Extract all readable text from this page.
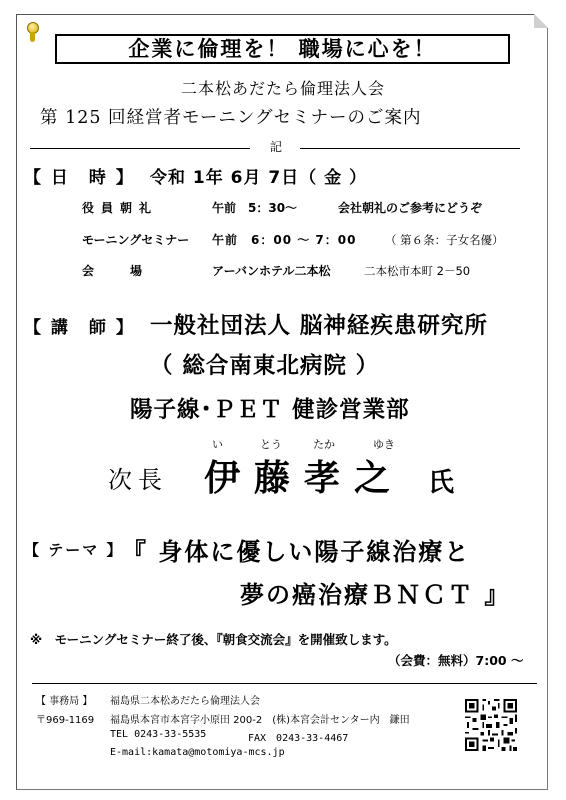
企業に倫理を！ 職場に心を！
二本松あだたら倫理法人会
第 125 回経営者モーニングセミナーのご案内
記
【 日　時 】 令和 1年 6月 7日（ 金 ）
役員朝礼	午前　5：30～	会社朝礼のご参考にどうぞ
モーニングセミナー 午前　6：00 ～ 7：00 （ 第６条：子女名優）
会　　　場	アーバンホテル二本松	二本松市本町 2－50
【 講　師 】 一般社団法人 脳神経疾患研究所
（ 総合南東北病院 ）
陽子線･ＰＥＴ 健診営業部
い	とう	たか	ゆき
次長 伊藤孝之 氏
【 テーマ 】
『 身体に優しい陽子線治療と
夢の癌治療ＢＮＣＴ 』
※　モーニングセミナー終了後、『朝食交流会』を開催致します。
（会費：無料）7:00 ～
【 事務局 】 福島県二本松あだたら倫理法人会
〒969-1169 福島県本宮市本宮字小原田 200-2　(株)本宮会計センター内　鎌田
TEL 0243-33-5535	FAX　0243-33-4467
E-mail:kamata@motomiya-mcs.jp
